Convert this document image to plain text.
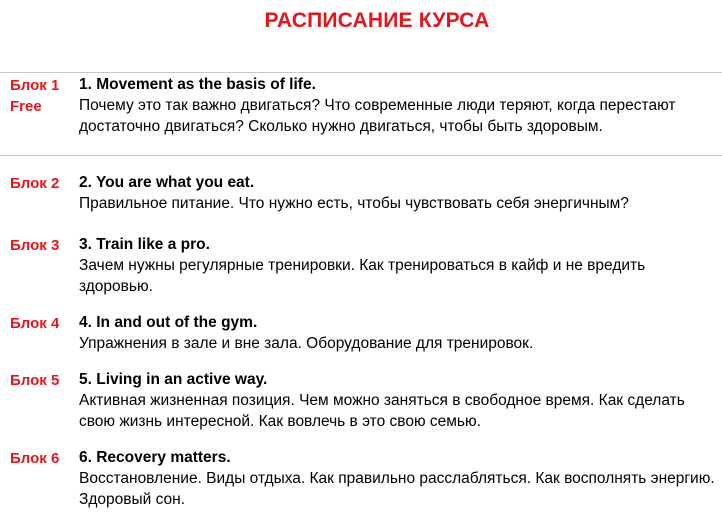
РАСПИСАНИЕ КУРСА
Блок 1
Free
1. Movement as the basis of life.
Почему это так важно двигаться? Что современные люди теряют, когда перестают достаточно двигаться? Сколько нужно двигаться, чтобы быть здоровым.
Блок 2 2. You are what you eat.
Правильное питание. Что нужно есть, чтобы чувствовать себя энергичным?
Блок 3 3. Train like a pro.
Зачем нужны регулярные тренировки. Как тренироваться в кайф и не вредить здоровью.
Блок 4 4. In and out of the gym.
Упражнения в зале и вне зала. Оборудование для тренировок.
Блок 5 5. Living in an active way.
Активная жизненная позиция. Чем можно заняться в свободное время. Как сделать свою жизнь интересной. Как вовлечь в это свою семью.
Блок 6 6. Recovery matters.
Восстановление. Виды отдыха. Как правильно расслабляться. Как восполнять энергию. Здоровый сон.
